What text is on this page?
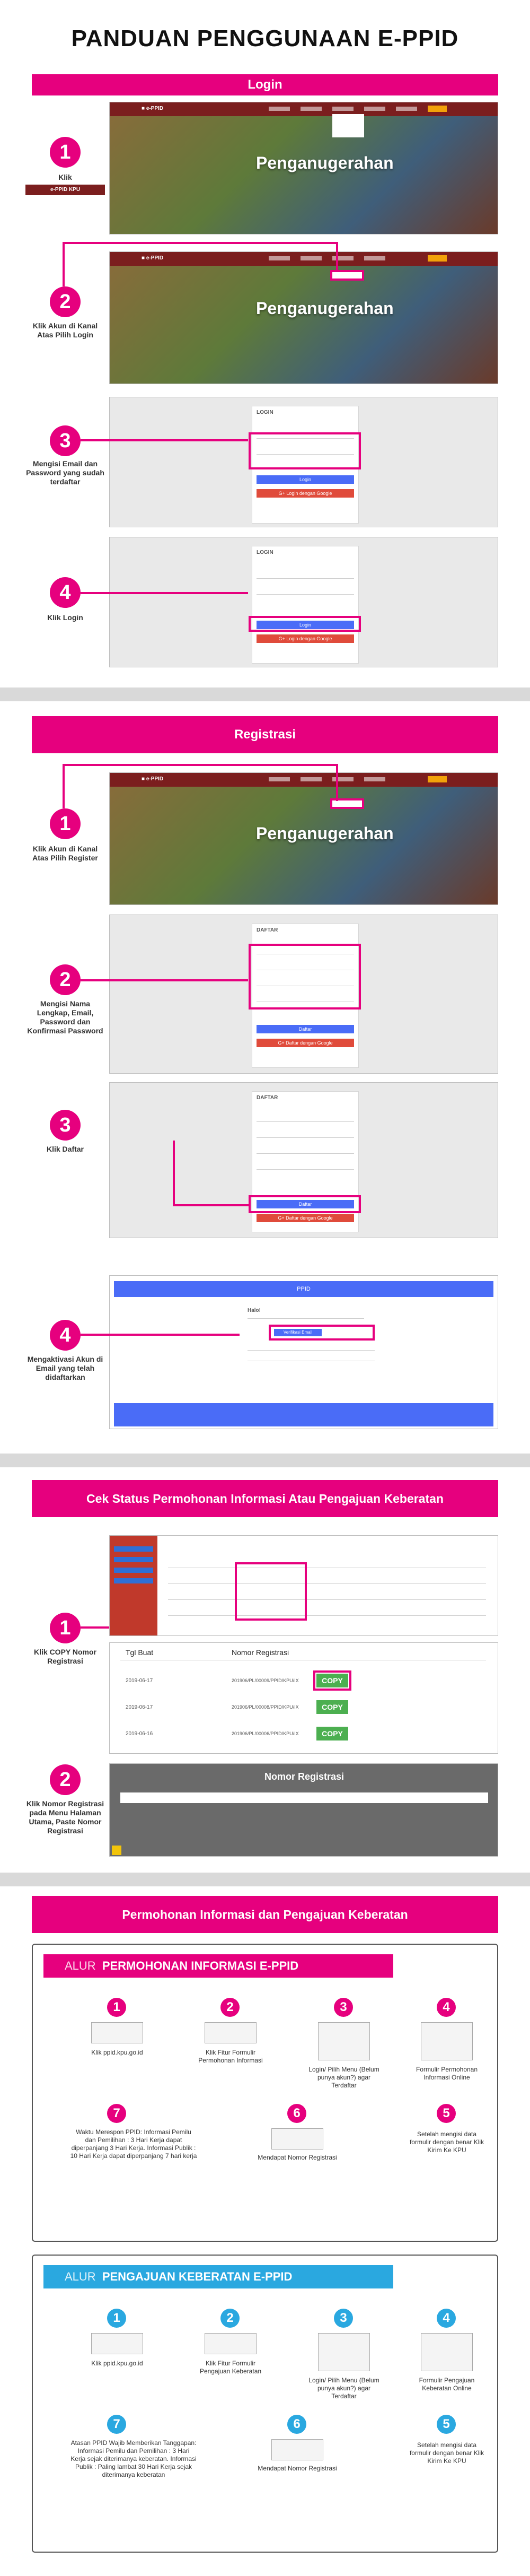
PANDUAN PENGGUNAAN E-PPID
Login
1
Klik
e-PPID KPU
■ e-PPID
Penganugerahan
2
Klik Akun di Kanal Atas Pilih Login
■ e-PPID
Penganugerahan
3
Mengisi Email dan Password yang sudah terdaftar
LOGIN
Login
G+ Login dengan Google
4
Klik Login
LOGIN
Login
G+ Login dengan Google
Registrasi
1
Klik Akun di Kanal Atas Pilih Register
■ e-PPID
Penganugerahan
2
Mengisi Nama Lengkap, Email, Password dan Konfirmasi Password
DAFTAR
Daftar
G+ Daftar dengan Google
3
Klik Daftar
DAFTAR
Daftar
G+ Daftar dengan Google
4
Mengaktivasi Akun di Email yang telah didaftarkan
PPID
Halo!
Verifikasi Email
Cek Status Permohonan Informasi Atau Pengajuan Keberatan
1
Klik COPY Nomor Registrasi
Tgl Buat	Nomor Registrasi
2019-06-17	201906/PL/00009/PPID/KPU/IX	COPY
2019-06-17	201906/PL/00008/PPID/KPU/IX	COPY
2019-06-16	201906/PL/00006/PPID/KPU/IX	COPY
2
Klik Nomor Registrasi pada Menu Halaman Utama, Paste Nomor Registrasi
Nomor Registrasi
Permohonan Informasi dan Pengajuan Keberatan
ALUR PERMOHONAN INFORMASI E-PPID
1
Klik ppid.kpu.go.id
2
Klik Fitur Formulir Permohonan Informasi
3
Login/ Pilih Menu (Belum punya akun?) agar Terdaftar
4
Formulir Permohonan Informasi Online
5
Setelah mengisi data formulir dengan benar Klik Kirim Ke KPU
6
Mendapat Nomor Registrasi
7
Waktu Merespon PPID: Informasi Pemilu dan Pemilihan : 3 Hari Kerja dapat diperpanjang 3 Hari Kerja. Informasi Publik : 10 Hari Kerja dapat diperpanjang 7 hari kerja
ALUR PENGAJUAN KEBERATAN E-PPID
1
Klik ppid.kpu.go.id
2
Klik Fitur Formulir Pengajuan Keberatan
3
Login/ Pilih Menu (Belum punya akun?) agar Terdaftar
4
Formulir Pengajuan Keberatan Online
5
Setelah mengisi data formulir dengan benar Klik Kirim Ke KPU
6
Mendapat Nomor Registrasi
7
Atasan PPID Wajib Memberikan Tanggapan: Informasi Pemilu dan Pemilihan : 3 Hari Kerja sejak diterimanya keberatan. Informasi Publik : Paling lambat 30 Hari Kerja sejak diterimanya keberatan
